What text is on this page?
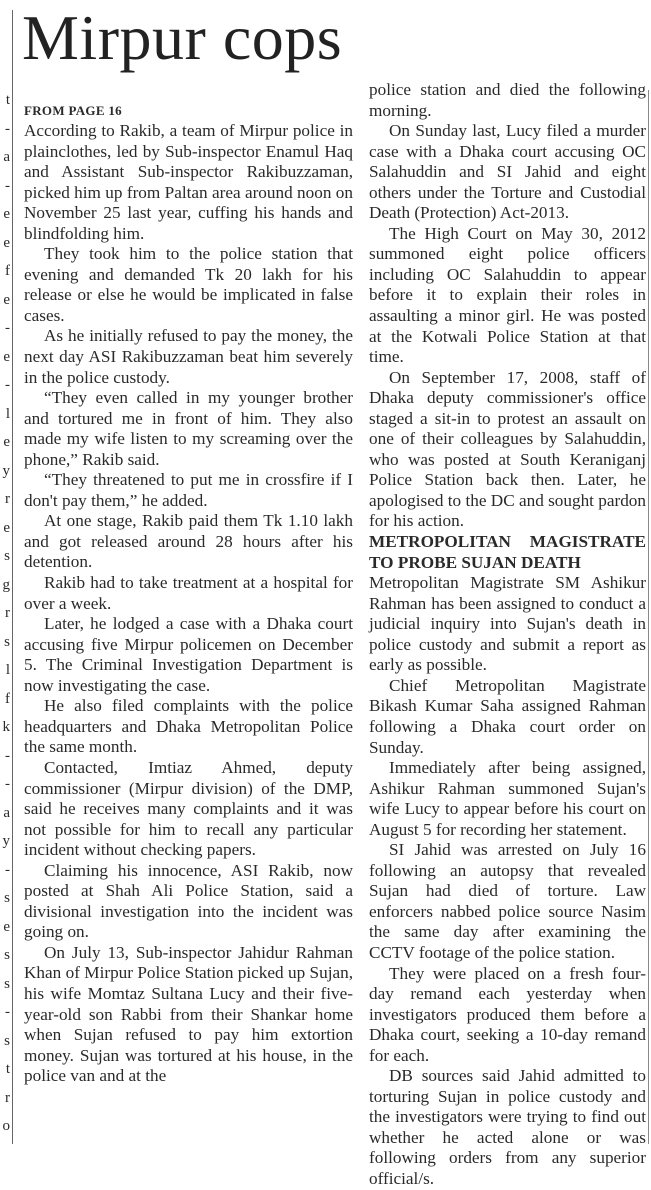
t
-
a
-
e
e
f
e
-
e
-
l
e
y
r
e
s
g
r
s
l
f
k
-
-
a
y
-
s
e
s
s
-
s
t
r
o
Mirpur cops
FROM PAGE 16

According to Rakib, a team of Mirpur police in plainclothes, led by Sub-inspector Enamul Haq and Assistant Sub-inspector Rakibuzzaman, picked him up from Paltan area around noon on November 25 last year, cuffing his hands and blindfolding him.

They took him to the police station that evening and demanded Tk 20 lakh for his release or else he would be implicated in false cases.

As he initially refused to pay the money, the next day ASI Rakibuzzaman beat him severely in the police custody.

“They even called in my younger brother and tortured me in front of him. They also made my wife listen to my screaming over the phone,” Rakib said.

“They threatened to put me in crossfire if I don't pay them,” he added.

At one stage, Rakib paid them Tk 1.10 lakh and got released around 28 hours after his detention.

Rakib had to take treatment at a hospital for over a week.

Later, he lodged a case with a Dhaka court accusing five Mirpur policemen on December 5. The Criminal Investigation Department is now investigating the case.

He also filed complaints with the police headquarters and Dhaka Metropolitan Police the same month.

Contacted, Imtiaz Ahmed, deputy commissioner (Mirpur division) of the DMP, said he receives many complaints and it was not possible for him to recall any particular incident without checking papers.

Claiming his innocence, ASI Rakib, now posted at Shah Ali Police Station, said a divisional investigation into the incident was going on.

On July 13, Sub-inspector Jahidur Rahman Khan of Mirpur Police Station picked up Sujan, his wife Momtaz Sultana Lucy and their five-year-old son Rabbi from their Shankar home when Sujan refused to pay him extortion money. Sujan was tortured at his house, in the police van and at the

police station and died the following morning.

On Sunday last, Lucy filed a murder case with a Dhaka court accusing OC Salahuddin and SI Jahid and eight others under the Torture and Custodial Death (Protection) Act-2013.

The High Court on May 30, 2012 summoned eight police officers including OC Salahuddin to appear before it to explain their roles in assaulting a minor girl. He was posted at the Kotwali Police Station at that time.

On September 17, 2008, staff of Dhaka deputy commissioner's office staged a sit-in to protest an assault on one of their colleagues by Salahuddin, who was posted at South Keraniganj Police Station back then. Later, he apologised to the DC and sought pardon for his action.

METROPOLITAN MAGISTRATE TO PROBE SUJAN DEATH

Metropolitan Magistrate SM Ashikur Rahman has been assigned to conduct a judicial inquiry into Sujan's death in police custody and submit a report as early as possible.

Chief Metropolitan Magistrate Bikash Kumar Saha assigned Rahman following a Dhaka court order on Sunday.

Immediately after being assigned, Ashikur Rahman summoned Sujan's wife Lucy to appear before his court on August 5 for recording her statement.

SI Jahid was arrested on July 16 following an autopsy that revealed Sujan had died of torture. Law enforcers nabbed police source Nasim the same day after examining the CCTV footage of the police station.

They were placed on a fresh four-day remand each yesterday when investigators produced them before a Dhaka court, seeking a 10-day remand for each.

DB sources said Jahid admitted to torturing Sujan in police custody and the investigators were trying to find out whether he acted alone or was following orders from any superior official/s.
